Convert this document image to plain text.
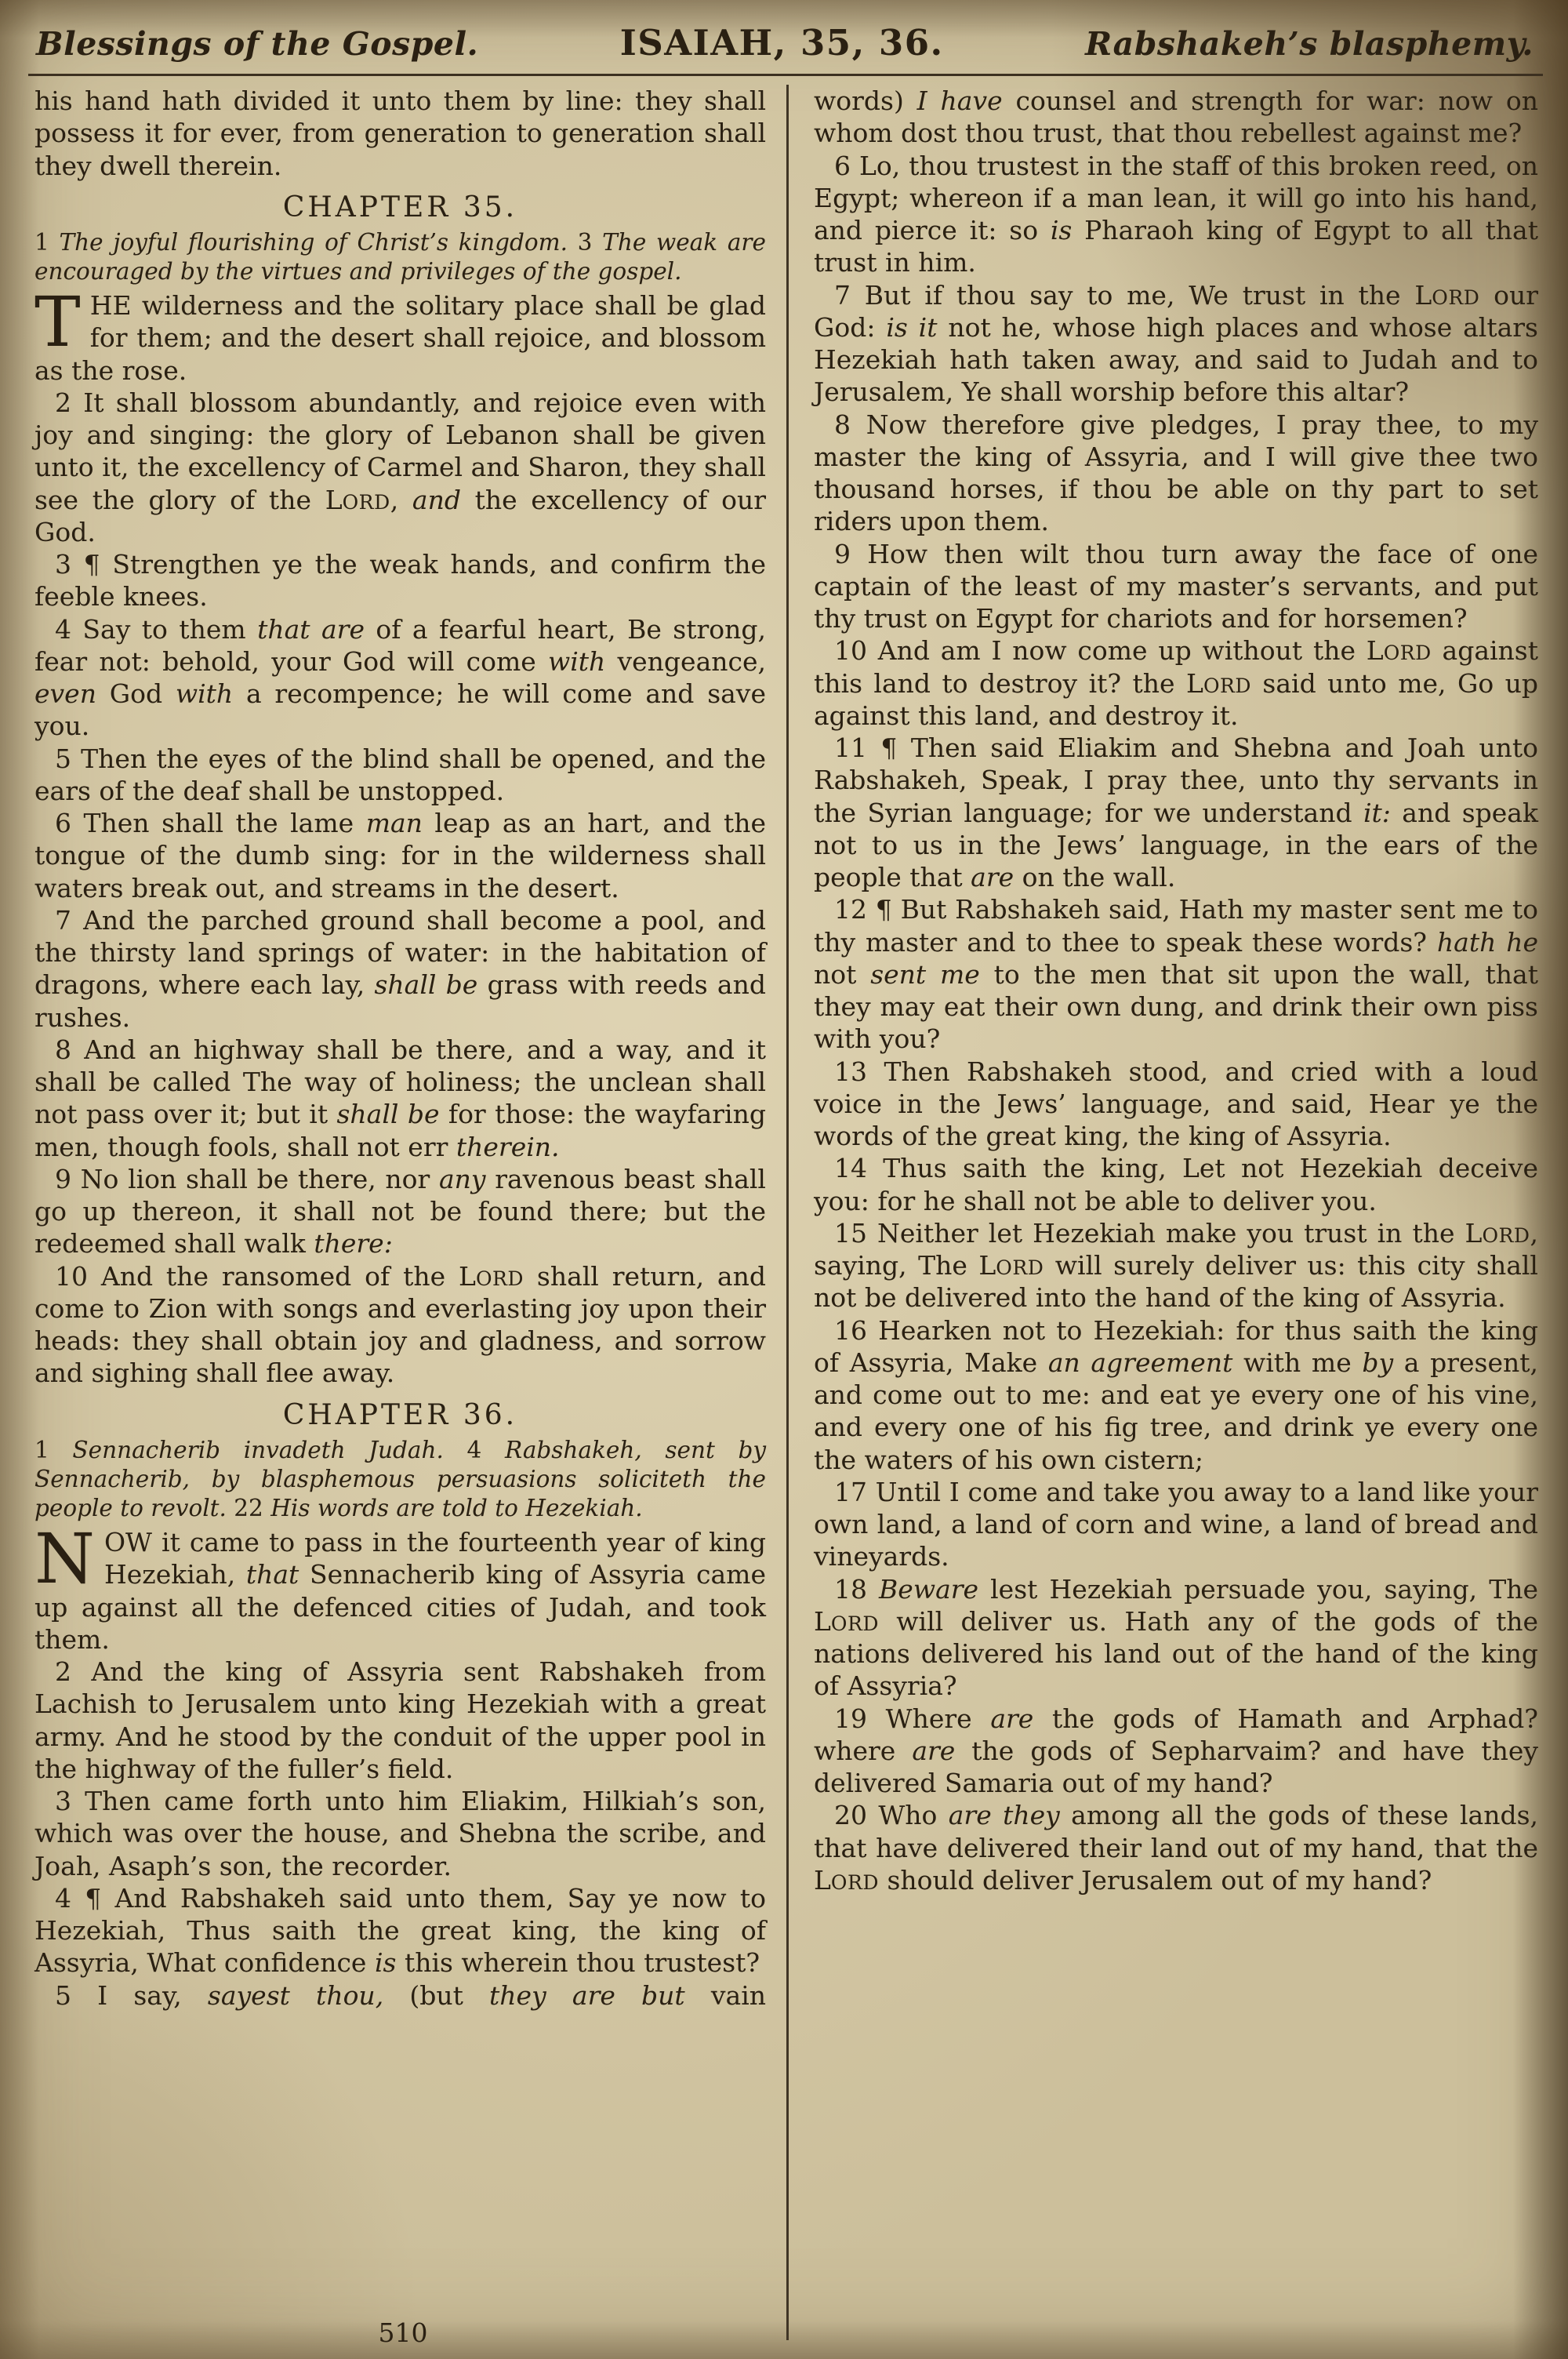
Blessings of the Gospel.	ISAIAH, 35, 36.	Rabshakeh’s blasphemy.

his hand hath divided it unto them by line: they shall possess it for ever, from generation to generation shall they dwell therein.

CHAPTER 35.

1 The joyful flourishing of Christ’s kingdom. 3 The weak are encouraged by the virtues and privileges of the gospel.

THE wilderness and the solitary place shall be glad for them; and the desert shall rejoice, and blossom as the rose.

2 It shall blossom abundantly, and rejoice even with joy and singing: the glory of Lebanon shall be given unto it, the excellency of Carmel and Sharon, they shall see the glory of the LORD, and the excellency of our God.

3 ¶ Strengthen ye the weak hands, and confirm the feeble knees.

4 Say to them that are of a fearful heart, Be strong, fear not: behold, your God will come with vengeance, even God with a recompence; he will come and save you.

5 Then the eyes of the blind shall be opened, and the ears of the deaf shall be unstopped.

6 Then shall the lame man leap as an hart, and the tongue of the dumb sing: for in the wilderness shall waters break out, and streams in the desert.

7 And the parched ground shall become a pool, and the thirsty land springs of water: in the habitation of dragons, where each lay, shall be grass with reeds and rushes.

8 And an highway shall be there, and a way, and it shall be called The way of holiness; the unclean shall not pass over it; but it shall be for those: the wayfaring men, though fools, shall not err therein.

9 No lion shall be there, nor any ravenous beast shall go up thereon, it shall not be found there; but the redeemed shall walk there:

10 And the ransomed of the LORD shall return, and come to Zion with songs and everlasting joy upon their heads: they shall obtain joy and gladness, and sorrow and sighing shall flee away.

CHAPTER 36.

1 Sennacherib invadeth Judah. 4 Rabshakeh, sent by Sennacherib, by blasphemous persuasions soliciteth the people to revolt. 22 His words are told to Hezekiah.

NOW it came to pass in the fourteenth year of king Hezekiah, that Sennacherib king of Assyria came up against all the defenced cities of Judah, and took them.

2 And the king of Assyria sent Rabshakeh from Lachish to Jerusalem unto king Hezekiah with a great army. And he stood by the conduit of the upper pool in the highway of the fuller’s field.

3 Then came forth unto him Eliakim, Hilkiah’s son, which was over the house, and Shebna the scribe, and Joah, Asaph’s son, the recorder.

4 ¶ And Rabshakeh said unto them, Say ye now to Hezekiah, Thus saith the great king, the king of Assyria, What confidence is this wherein thou trustest?

5 I say, sayest thou, (but they are but vain

words) I have counsel and strength for war: now on whom dost thou trust, that thou rebellest against me?

6 Lo, thou trustest in the staff of this broken reed, on Egypt; whereon if a man lean, it will go into his hand, and pierce it: so is Pharaoh king of Egypt to all that trust in him.

7 But if thou say to me, We trust in the LORD our God: is it not he, whose high places and whose altars Hezekiah hath taken away, and said to Judah and to Jerusalem, Ye shall worship before this altar?

8 Now therefore give pledges, I pray thee, to my master the king of Assyria, and I will give thee two thousand horses, if thou be able on thy part to set riders upon them.

9 How then wilt thou turn away the face of one captain of the least of my master’s servants, and put thy trust on Egypt for chariots and for horsemen?

10 And am I now come up without the LORD against this land to destroy it? the LORD said unto me, Go up against this land, and destroy it.

11 ¶ Then said Eliakim and Shebna and Joah unto Rabshakeh, Speak, I pray thee, unto thy servants in the Syrian language; for we understand it: and speak not to us in the Jews’ language, in the ears of the people that are on the wall.

12 ¶ But Rabshakeh said, Hath my master sent me to thy master and to thee to speak these words? hath he not sent me to the men that sit upon the wall, that they may eat their own dung, and drink their own piss with you?

13 Then Rabshakeh stood, and cried with a loud voice in the Jews’ language, and said, Hear ye the words of the great king, the king of Assyria.

14 Thus saith the king, Let not Hezekiah deceive you: for he shall not be able to deliver you.

15 Neither let Hezekiah make you trust in the LORD, saying, The LORD will surely deliver us: this city shall not be delivered into the hand of the king of Assyria.

16 Hearken not to Hezekiah: for thus saith the king of Assyria, Make an agreement with me by a present, and come out to me: and eat ye every one of his vine, and every one of his fig tree, and drink ye every one the waters of his own cistern;

17 Until I come and take you away to a land like your own land, a land of corn and wine, a land of bread and vineyards.

18 Beware lest Hezekiah persuade you, saying, The LORD will deliver us. Hath any of the gods of the nations delivered his land out of the hand of the king of Assyria?

19 Where are the gods of Hamath and Arphad? where are the gods of Sepharvaim? and have they delivered Samaria out of my hand?

20 Who are they among all the gods of these lands, that have delivered their land out of my hand, that the LORD should deliver Jerusalem out of my hand?

510
